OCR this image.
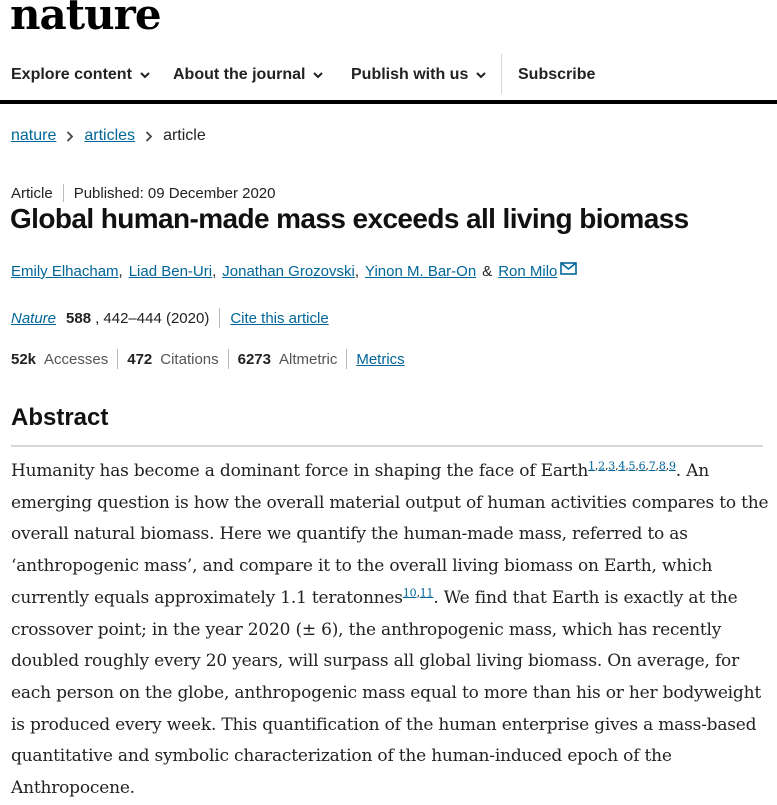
nature
Explore content	About the journal	Publish with us	Subscribe
nature articles article
Article Published: 09 December 2020
Global human-made mass exceeds all living biomass
Emily Elhacham , Liad Ben-Uri , Jonathan Grozovski , Yinon M. Bar-On & Ron Milo
Nature 588 , 442–444 (2020) Cite this article
52k Accesses 472 Citations 6273 Altmetric Metrics
Abstract

Humanity has become a dominant force in shaping the face of Earth$^{1,2,3,4,5,6,7,8,9}$. An emerging question is how the overall material output of human activities compares to the overall natural biomass. Here we quantify the human-made mass, referred to as ‘anthropogenic mass’, and compare it to the overall living biomass on Earth, which currently equals approximately 1.1 teratonnes$^{10,11}$. We find that Earth is exactly at the crossover point; in the year 2020 (± 6), the anthropogenic mass, which has recently doubled roughly every 20 years, will surpass all global living biomass. On average, for each person on the globe, anthropogenic mass equal to more than his or her bodyweight is produced every week. This quantification of the human enterprise gives a mass-based quantitative and symbolic characterization of the human-induced epoch of the Anthropocene.
